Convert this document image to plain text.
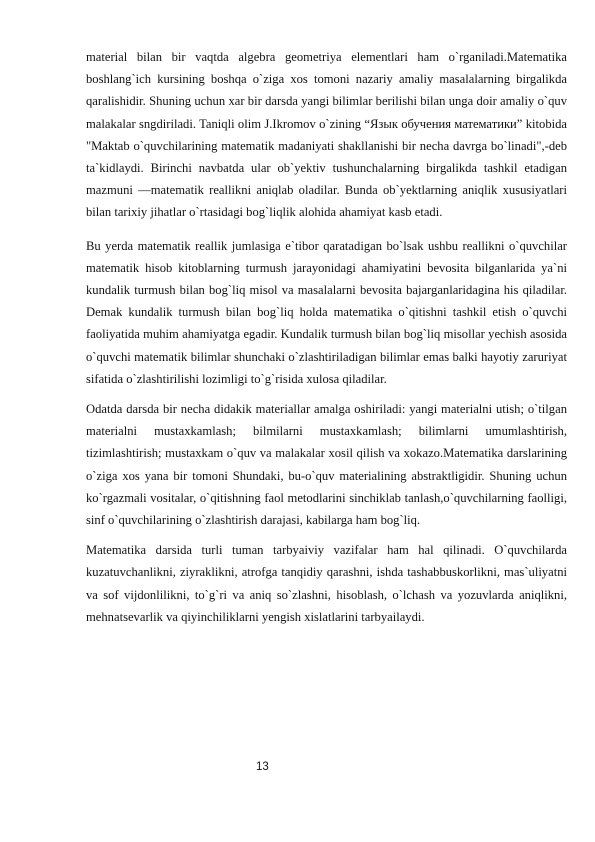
material bilan bir vaqtda algebra geometriya elementlari ham o`rganiladi.Matematika boshlang`ich kursining boshqa o`ziga xos tomoni nazariy amaliy masalalarning birgalikda qaralishidir. Shuning uchun xar bir darsda yangi bilimlar berilishi bilan unga doir amaliy o`quv malakalar sngdiriladi. Taniqli olim J.Ikromov o`zining “Язык обучения математики” kitobida "Maktab o`quvchilarining matematik madaniyati shakllanishi bir necha davrga bo`linadi",-deb ta`kidlaydi. Birinchi navbatda ular ob`yektiv tushunchalarning birgalikda tashkil etadigan mazmuni —matematik reallikni aniqlab oladilar. Bunda ob`yektlarning aniqlik xususiyatlari bilan tarixiy jihatlar o`rtasidagi bog`liqlik alohida ahamiyat kasb etadi.

Bu yerda matematik reallik jumlasiga e`tibor qaratadigan bo`lsak ushbu reallikni o`quvchilar matematik hisob kitoblarning turmush jarayonidagi ahamiyatini bevosita bilganlarida ya`ni kundalik turmush bilan bog`liq misol va masalalarni bevosita bajarganlaridagina his qiladilar. Demak kundalik turmush bilan bog`liq holda matematika o`qitishni tashkil etish o`quvchi faoliyatida muhim ahamiyatga egadir. Kundalik turmush bilan bog`liq misollar yechish asosida o`quvchi matematik bilimlar shunchaki o`zlashtiriladigan bilimlar emas balki hayotiy zaruriyat sifatida o`zlashtirilishi lozimligi to`g`risida xulosa qiladilar.

Odatda darsda bir necha didakik materiallar amalga oshiriladi: yangi materialni utish; o`tilgan materialni mustaxkamlash; bilmilarni mustaxkamlash; bilimlarni umumlashtirish, tizimlashtirish; mustaxkam o`quv va malakalar xosil qilish va xokazo.Matematika darslarining o`ziga xos yana bir tomoni Shundaki, bu-o`quv materialining abstraktligidir. Shuning uchun ko`rgazmali vositalar, o`qitishning faol metodlarini sinchiklab tanlash,o`quvchilarning faolligi, sinf o`quvchilarining o`zlashtirish darajasi, kabilarga ham bog`liq.

Matematika darsida turli tuman tarbyaiviy vazifalar ham hal qilinadi. O`quvchilarda kuzatuvchanlikni, ziyraklikni, atrofga tanqidiy qarashni, ishda tashabbuskorlikni, mas`uliyatni va sof vijdonlilikni, to`g`ri va aniq so`zlashni, hisoblash, o`lchash va yozuvlarda aniqlikni, mehnatsevarlik va qiyinchiliklarni yengish xislatlarini tarbyailaydi.

13
